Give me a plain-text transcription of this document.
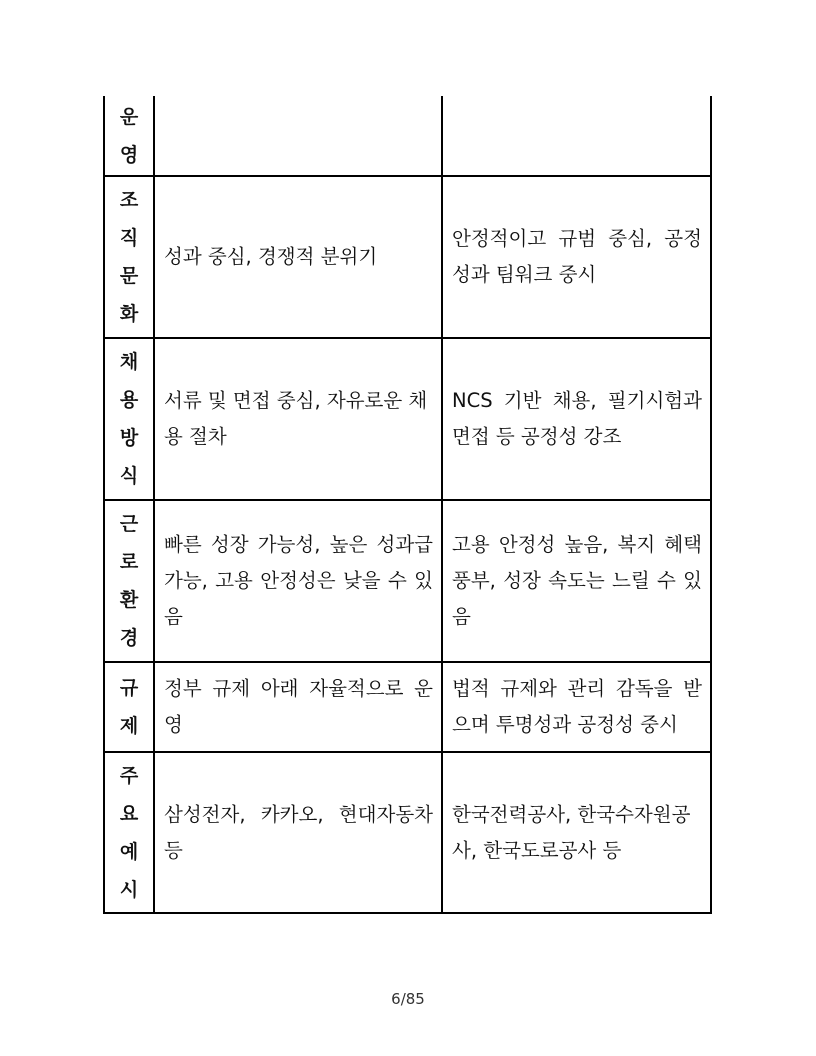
운
영
조
직
문
화
성과 중심, 경쟁적 분위기
안정적이고 규범 중심, 공정성과 팀워크 중시
채
용
방
식
서류 및 면접 중심, 자유로운 채용 절차
NCS 기반 채용, 필기시험과 면접 등 공정성 강조
근
로
환
경
빠른 성장 가능성, 높은 성과급 가능, 고용 안정성은 낮을 수 있음
고용 안정성 높음, 복지 혜택 풍부, 성장 속도는 느릴 수 있음
규
제
정부 규제 아래 자율적으로 운영
법적 규제와 관리 감독을 받으며 투명성과 공정성 중시
주
요
예
시
삼성전자, 카카오, 현대자동차 등
한국전력공사, 한국수자원공사, 한국도로공사 등
6/85
